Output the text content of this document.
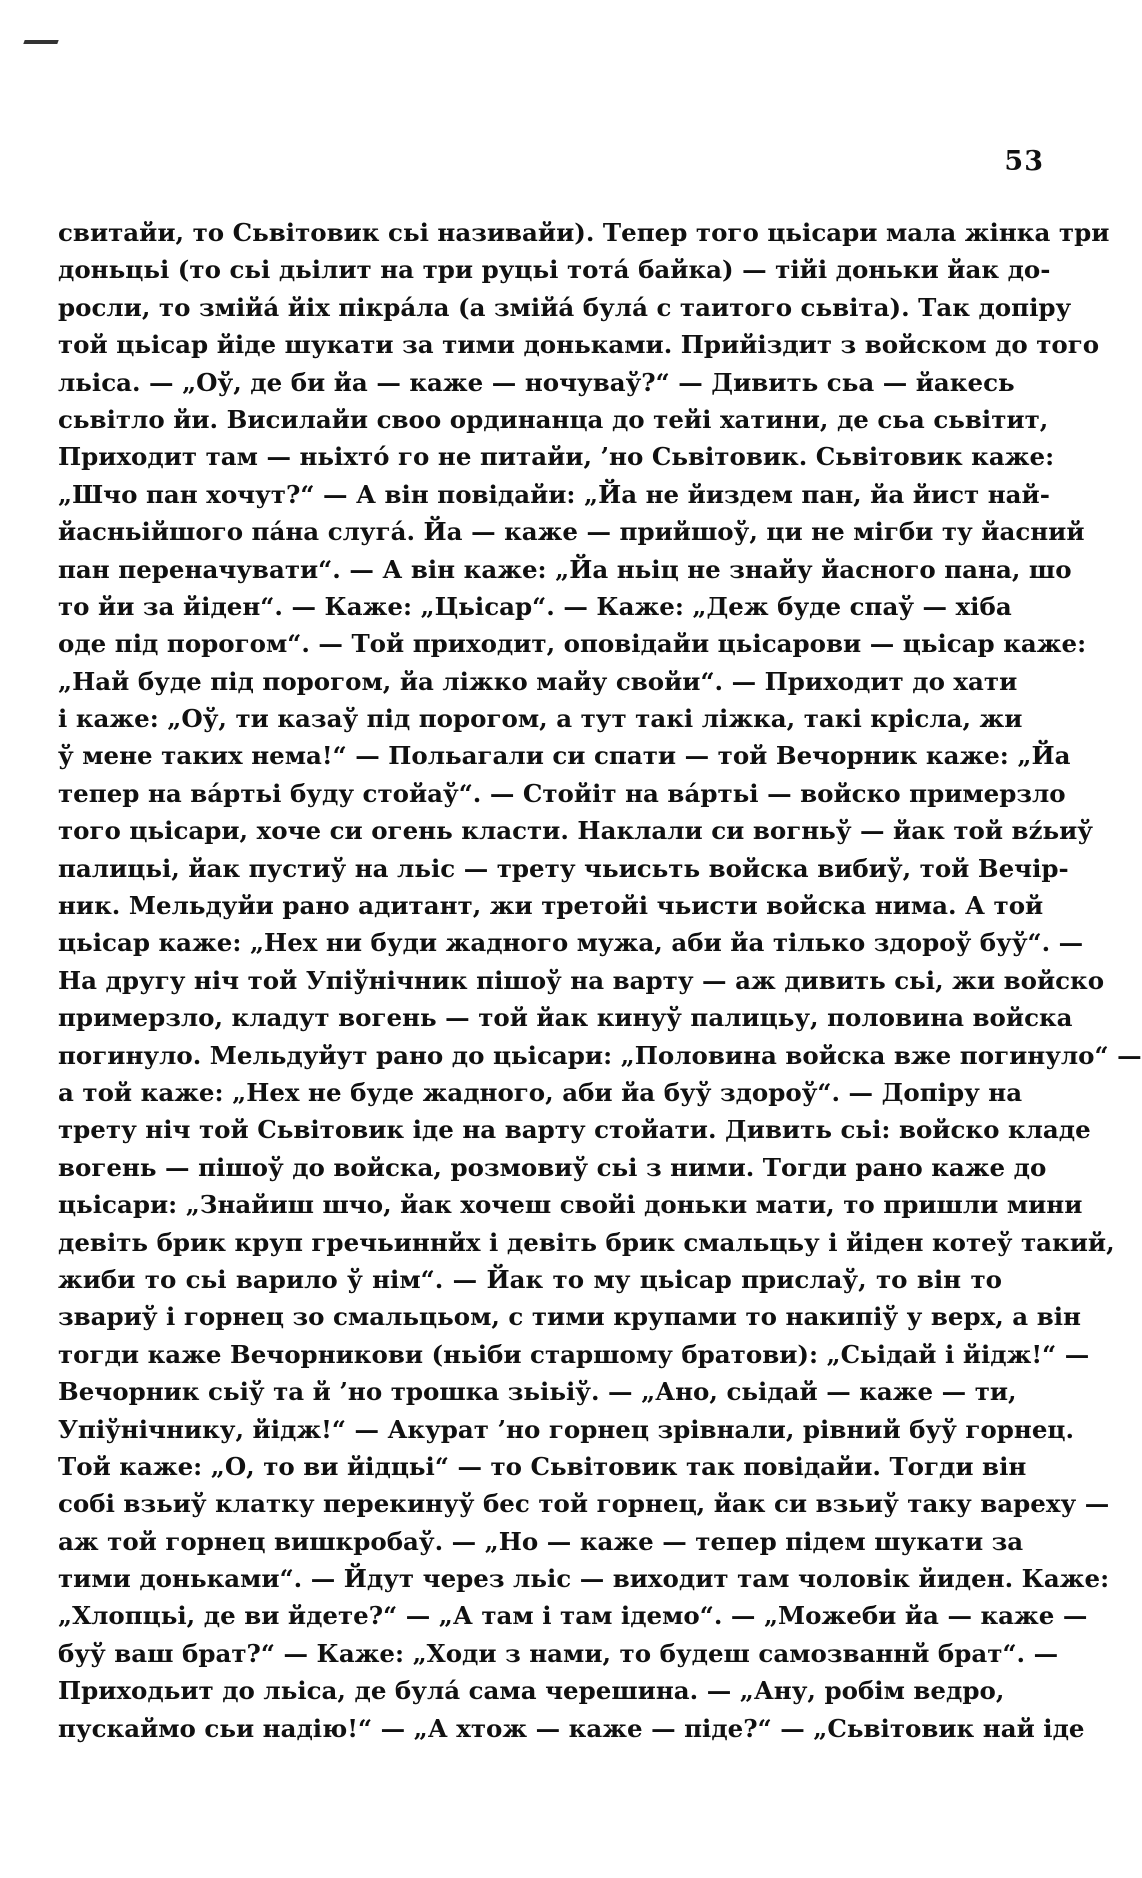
53
свитайи, то Сьвітовик сьі називайи). Тепер того цьісари мала жінка три
доньцьі (то сьі дьілит на три руцьі тотá байка) — тійі доньки йак до-
росли, то змійá йіх пікрáла (а змійá булá с таитого сьвіта). Так допіру
той цьісар йіде шукати за тими доньками. Прийіздит з войском до того
льіса. — „Оў, де би йа — каже — ночуваў?“ — Дивить сьа — йакесь
сьвітло йи. Висилайи своо ординанца до тейі хатини, де сьа сьвітит,
Приходит там — ньіхтó го не питайи, ’но Сьвітовик. Сьвітовик каже:
„Шчо пан хочут?“ — А він повідайи: „Йа не йиздем пан, йа йист най-
йасньійшого пáна слугá. Йа — каже — прийшоў, ци не мігби ту йасний
пан переначувати“. — А він каже: „Йа ньіц не знайу йасного пана, шо
то йи за йіден“. — Каже: „Цьісар“. — Каже: „Деж буде спаў — хіба
оде під порогом“. — Той приходит, оповідайи цьісарови — цьісар каже:
„Най буде під порогом, йа ліжко майу свойи“. — Приходит до хати
і каже: „Оў, ти казаў під порогом, а тут такі ліжка, такі крісла, жи
ў мене таких нема!“ — Польагали си спати — той Вечорник каже: „Йа
тепер на вáртьі буду стойаў“. — Стойіт на вáртьі — войско примерзло
того цьісари, хоче си огень класти. Наклали си вогньў — йак той вźьиў
палицьі, йак пустиў на льіс — трету чьисьть войска вибиў, той Вечір-
ник. Мельдуйи рано адитант, жи третойі чьисти войска нима. А той
цьісар каже: „Нех ни буди жадного мужа, аби йа тілько здороў буў“. —
На другу ніч той Упіўнічник пішоў на варту — аж дивить сьі, жи войско
примерзло, кладут вогень — той йак кинуў палицьу, половина войска
погинуло. Мельдуйут рано до цьісари: „Половина войска вже погинуло“ —
а той каже: „Нех не буде жадного, аби йа буў здороў“. — Допіру на
трету ніч той Сьвітовик іде на варту стойати. Дивить сьі: войско кладе
вогень — пішоў до войска, розмовиў сьі з ними. Тогди рано каже до
цьісари: „Знайиш шчо, йак хочеш свойі доньки мати, то пришли мини
девіть брик круп гречьиннйх і девіть брик смальцьу і йіден котеў такий,
жиби то сьі варило ў нім“. — Йак то му цьісар прислаў, то він то
звариў і горнец зо смальцьом, с тими крупами то накипіў у верх, а він
тогди каже Вечорникови (ньіби старшому братови): „Сьідай і йідж!“ —
Вечорник сьіў та й ’но трошка зьіьіў. — „Ано, сьідай — каже — ти,
Упіўнічнику, йідж!“ — Акурат ’но горнец зрівнали, рівний буў горнец.
Той каже: „О, то ви йідцьі“ — то Сьвітовик так повідайи. Тогди він
собі взьиў клатку перекинуў бес той горнец, йак си взьиў таку вареху —
аж той горнец вишкробаў. — „Но — каже — тепер підем шукати за
тими доньками“. — Йдут через льіс — виходит там чоловік йиден. Каже:
„Хлопцьі, де ви йдете?“ — „А там і там ідемо“. — „Можеби йа — каже —
буў ваш брат?“ — Каже: „Ходи з нами, то будеш самозваннй брат“. —
Приходьит до льіса, де булá сама черешина. — „Ану, робім ведро,
пускаймо сьи надію!“ — „А хтож — каже — піде?“ — „Сьвітовик най іде
